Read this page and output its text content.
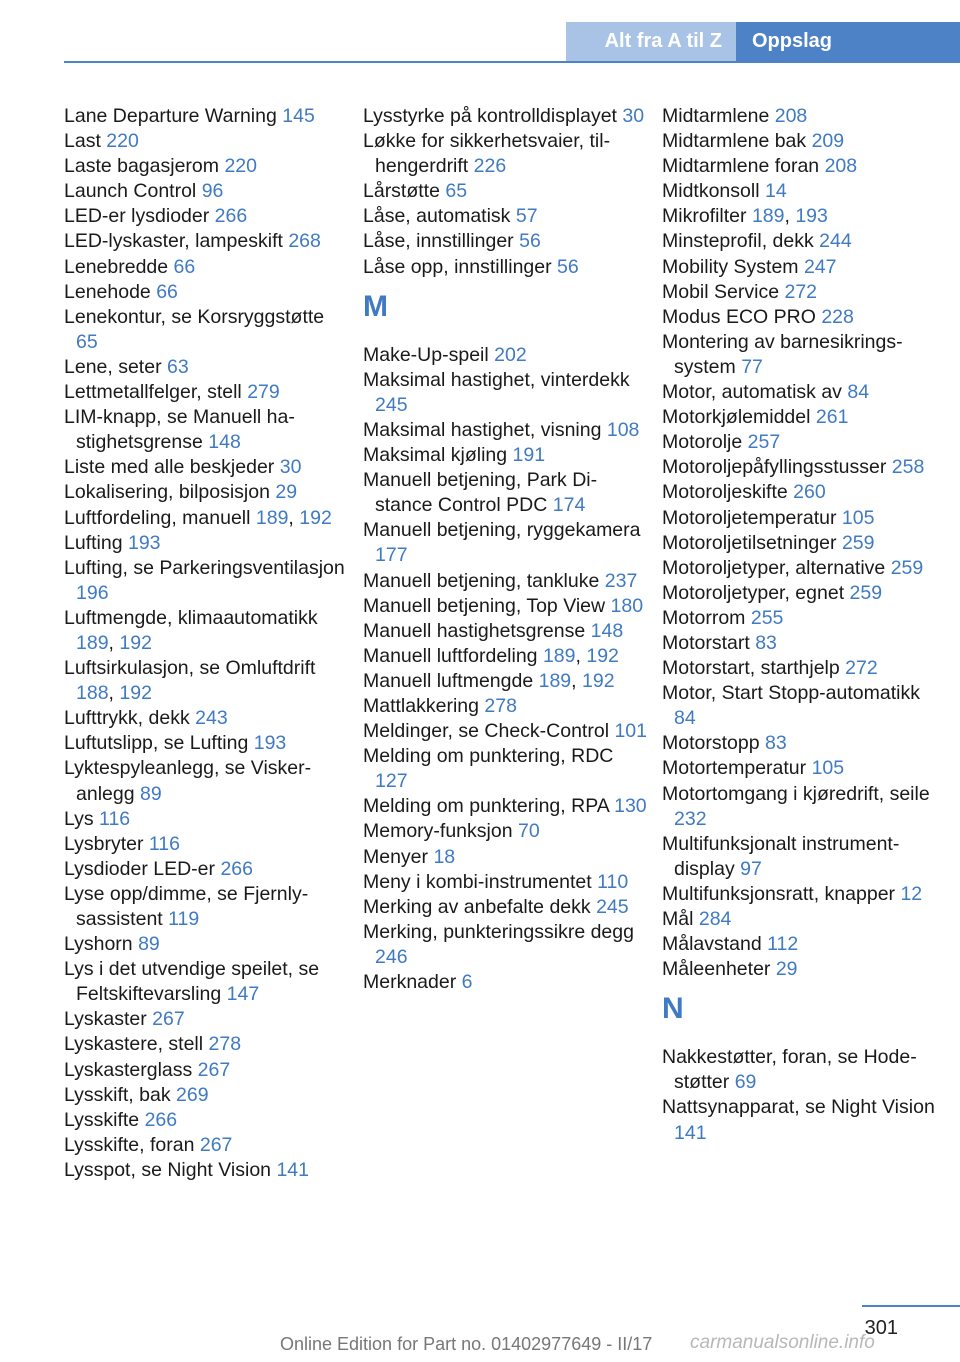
Alt fra A til Z	Oppslag
Lane Departure Warning 145
Last 220
Laste bagasjerom 220
Launch Control 96
LED-er lysdioder 266
LED-lyskaster, lampeskift 268
Lenebredde 66
Lenehode 66
Lenekontur, se Korsryggstøtte 65
Lene, seter 63
Lettmetallfelger, stell 279
LIM-knapp, se Manuell hastighetsgrense 148
Liste med alle beskjeder 30
Lokalisering, bilposisjon 29
Luftfordeling, manuell 189, 192
Lufting 193
Lufting, se Parkeringsventilasjon 196
Luftmengde, klimaautomatikk 189, 192
Luftsirkulasjon, se Omluftdrift 188, 192
Lufttrykk, dekk 243
Luftutslipp, se Lufting 193
Lyktespyleanlegg, se Viskeranlegg 89
Lys 116
Lysbryter 116
Lysdioder LED-er 266
Lyse opp/dimme, se Fjernlysassistent 119
Lyshorn 89
Lys i det utvendige speilet, se Feltskiftevarsling 147
Lyskaster 267
Lyskastere, stell 278
Lyskasterglass 267
Lysskift, bak 269
Lysskifte 266
Lysskifte, foran 267
Lysspot, se Night Vision 141
Lysstyrke på kontrolldisplayet 30
Løkke for sikkerhetsvaier, tilhengerdrift 226
Lårstøtte 65
Låse, automatisk 57
Låse, innstillinger 56
Låse opp, innstillinger 56
M
Make-Up-speil 202
Maksimal hastighet, vinterdekk 245
Maksimal hastighet, visning 108
Maksimal kjøling 191
Manuell betjening, Park Distance Control PDC 174
Manuell betjening, ryggekamera 177
Manuell betjening, tankluke 237
Manuell betjening, Top View 180
Manuell hastighetsgrense 148
Manuell luftfordeling 189, 192
Manuell luftmengde 189, 192
Mattlakkering 278
Meldinger, se Check-Control 101
Melding om punktering, RDC 127
Melding om punktering, RPA 130
Memory-funksjon 70
Menyer 18
Meny i kombi-instrumentet 110
Merking av anbefalte dekk 245
Merking, punkteringssikre degg 246
Merknader 6
Midtarmlene 208
Midtarmlene bak 209
Midtarmlene foran 208
Midtkonsoll 14
Mikrofilter 189, 193
Minsteprofil, dekk 244
Mobility System 247
Mobil Service 272
Modus ECO PRO 228
Montering av barnesikringssystem 77
Motor, automatisk av 84
Motorkjølemiddel 261
Motorolje 257
Motoroljepåfyllingsstusser 258
Motoroljeskifte 260
Motoroljetemperatur 105
Motoroljetilsetninger 259
Motoroljetyper, alternative 259
Motoroljetyper, egnet 259
Motorrom 255
Motorstart 83
Motorstart, starthjelp 272
Motor, Start Stopp-automatikk 84
Motorstopp 83
Motortemperatur 105
Motortomgang i kjøredrift, seile 232
Multifunksjonalt instrumentdisplay 97
Multifunksjonsratt, knapper 12
Mål 284
Målavstand 112
Måleenheter 29
N
Nakkestøtter, foran, se Hodestøtter 69
Nattsynapparat, se Night Vision 141
301
Online Edition for Part no. 01402977649 - II/17 carmanualsonline.info
